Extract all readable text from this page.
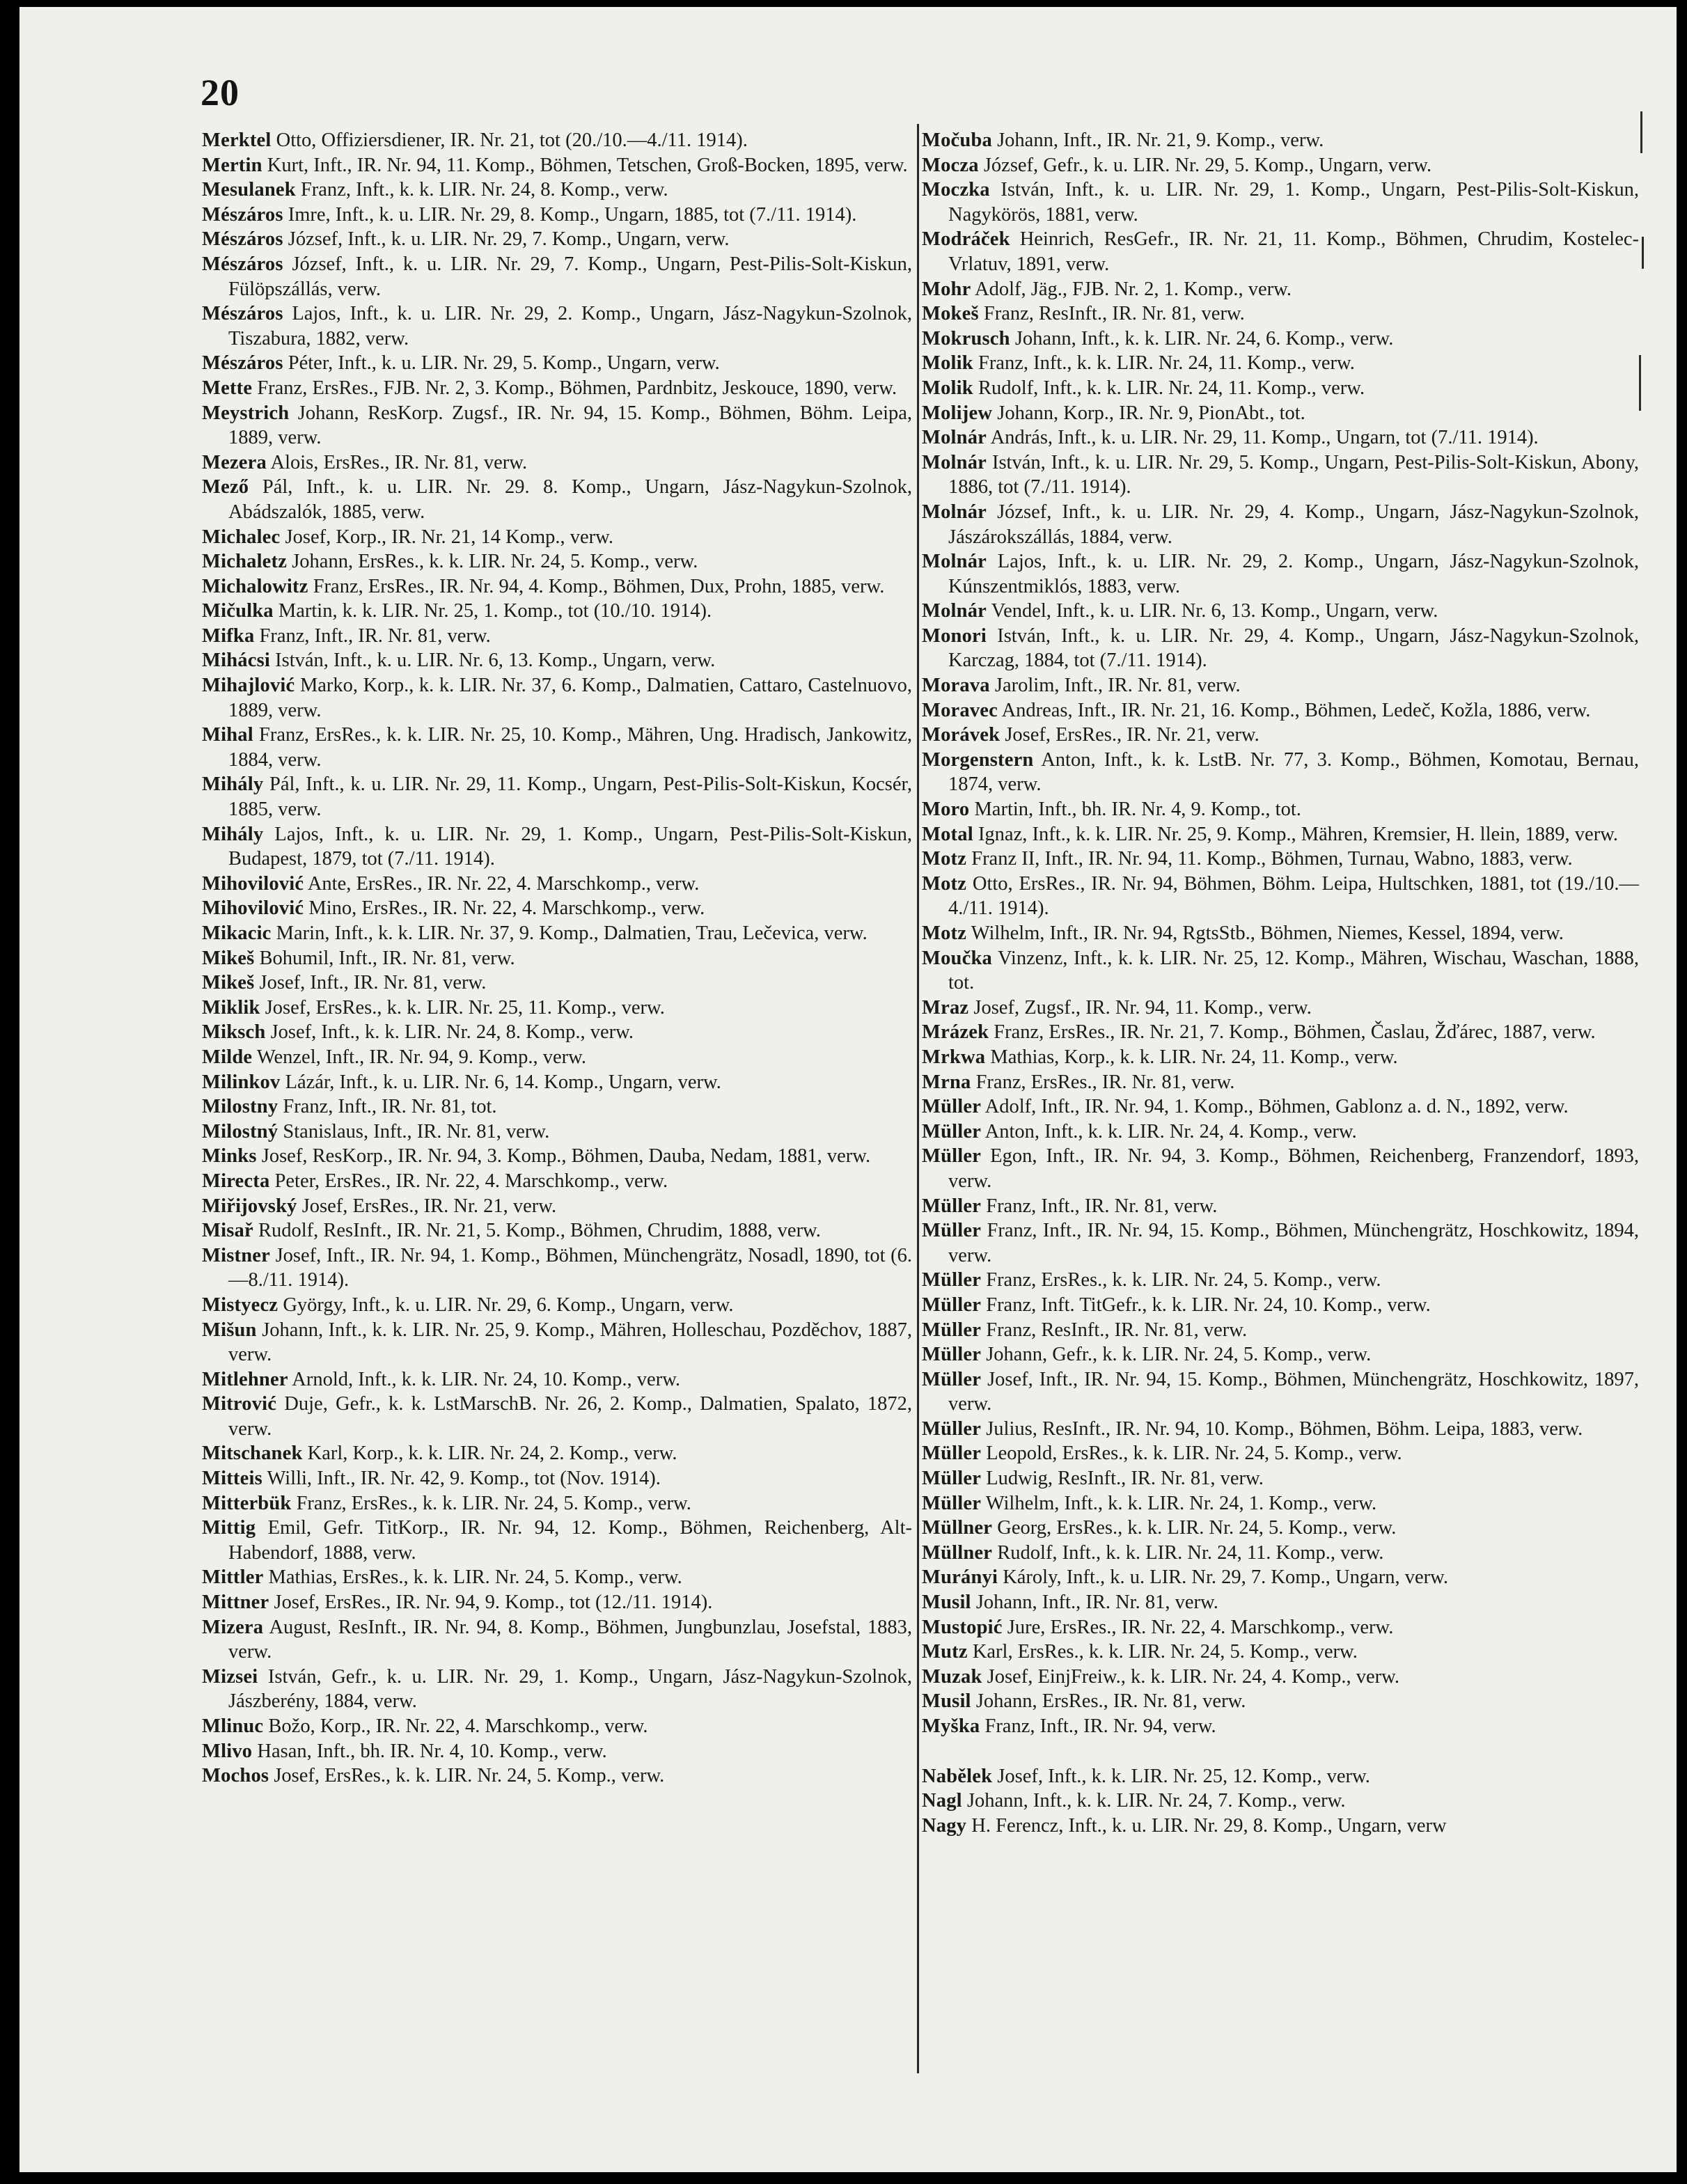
20
Merktel Otto, Offiziersdiener, IR. Nr. 21, tot (20./10.—4./11. 1914).
Mertin Kurt, Inft., IR. Nr. 94, 11. Komp., Böhmen, Tetschen, Groß-Bocken, 1895, verw.
Mesulanek Franz, Inft., k. k. LIR. Nr. 24, 8. Komp., verw.
Mészáros Imre, Inft., k. u. LIR. Nr. 29, 8. Komp., Ungarn, 1885, tot (7./11. 1914).
Mészáros József, Inft., k. u. LIR. Nr. 29, 7. Komp., Ungarn, verw.
Mészáros József, Inft., k. u. LIR. Nr. 29, 7. Komp., Ungarn, Pest-Pilis-Solt-Kiskun, Fülöpszállás, verw.
Mészáros Lajos, Inft., k. u. LIR. Nr. 29, 2. Komp., Ungarn, Jász-Nagykun-Szolnok, Tiszabura, 1882, verw.
Mészáros Péter, Inft., k. u. LIR. Nr. 29, 5. Komp., Ungarn, verw.
Mette Franz, ErsRes., FJB. Nr. 2, 3. Komp., Böhmen, Pardnbitz, Jeskouce, 1890, verw.
Meystrich Johann, ResKorp. Zugsf., IR. Nr. 94, 15. Komp., Böhmen, Böhm. Leipa, 1889, verw.
Mezera Alois, ErsRes., IR. Nr. 81, verw.
Mező Pál, Inft., k. u. LIR. Nr. 29. 8. Komp., Ungarn, Jász-Nagykun-Szolnok, Abádszalók, 1885, verw.
Michalec Josef, Korp., IR. Nr. 21, 14 Komp., verw.
Michaletz Johann, ErsRes., k. k. LIR. Nr. 24, 5. Komp., verw.
Michalowitz Franz, ErsRes., IR. Nr. 94, 4. Komp., Böhmen, Dux, Prohn, 1885, verw.
Mičulka Martin, k. k. LIR. Nr. 25, 1. Komp., tot (10./10. 1914).
Mifka Franz, Inft., IR. Nr. 81, verw.
Mihácsi István, Inft., k. u. LIR. Nr. 6, 13. Komp., Ungarn, verw.
Mihajlović Marko, Korp., k. k. LIR. Nr. 37, 6. Komp., Dalmatien, Cattaro, Castelnuovo, 1889, verw.
Mihal Franz, ErsRes., k. k. LIR. Nr. 25, 10. Komp., Mähren, Ung. Hradisch, Jankowitz, 1884, verw.
Mihály Pál, Inft., k. u. LIR. Nr. 29, 11. Komp., Ungarn, Pest-Pilis-Solt-Kiskun, Kocsér, 1885, verw.
Mihály Lajos, Inft., k. u. LIR. Nr. 29, 1. Komp., Ungarn, Pest-Pilis-Solt-Kiskun, Budapest, 1879, tot (7./11. 1914).
Mihovilović Ante, ErsRes., IR. Nr. 22, 4. Marschkomp., verw.
Mihovilović Mino, ErsRes., IR. Nr. 22, 4. Marschkomp., verw.
Mikacic Marin, Inft., k. k. LIR. Nr. 37, 9. Komp., Dalmatien, Trau, Lečevica, verw.
Mikeš Bohumil, Inft., IR. Nr. 81, verw.
Mikeš Josef, Inft., IR. Nr. 81, verw.
Miklik Josef, ErsRes., k. k. LIR. Nr. 25, 11. Komp., verw.
Miksch Josef, Inft., k. k. LIR. Nr. 24, 8. Komp., verw.
Milde Wenzel, Inft., IR. Nr. 94, 9. Komp., verw.
Milinkov Lázár, Inft., k. u. LIR. Nr. 6, 14. Komp., Ungarn, verw.
Milostny Franz, Inft., IR. Nr. 81, tot.
Milostný Stanislaus, Inft., IR. Nr. 81, verw.
Minks Josef, ResKorp., IR. Nr. 94, 3. Komp., Böhmen, Dauba, Nedam, 1881, verw.
Mirecta Peter, ErsRes., IR. Nr. 22, 4. Marschkomp., verw.
Miřijovský Josef, ErsRes., IR. Nr. 21, verw.
Misař Rudolf, ResInft., IR. Nr. 21, 5. Komp., Böhmen, Chrudim, 1888, verw.
Mistner Josef, Inft., IR. Nr. 94, 1. Komp., Böhmen, Münchengrätz, Nosadl, 1890, tot (6.—8./11. 1914).
Mistyecz György, Inft., k. u. LIR. Nr. 29, 6. Komp., Ungarn, verw.
Mišun Johann, Inft., k. k. LIR. Nr. 25, 9. Komp., Mähren, Holleschau, Pozděchov, 1887, verw.
Mitlehner Arnold, Inft., k. k. LIR. Nr. 24, 10. Komp., verw.
Mitrović Duje, Gefr., k. k. LstMarschB. Nr. 26, 2. Komp., Dalmatien, Spalato, 1872, verw.
Mitschanek Karl, Korp., k. k. LIR. Nr. 24, 2. Komp., verw.
Mitteis Willi, Inft., IR. Nr. 42, 9. Komp., tot (Nov. 1914).
Mitterbük Franz, ErsRes., k. k. LIR. Nr. 24, 5. Komp., verw.
Mittig Emil, Gefr. TitKorp., IR. Nr. 94, 12. Komp., Böhmen, Reichenberg, Alt-Habendorf, 1888, verw.
Mittler Mathias, ErsRes., k. k. LIR. Nr. 24, 5. Komp., verw.
Mittner Josef, ErsRes., IR. Nr. 94, 9. Komp., tot (12./11. 1914).
Mizera August, ResInft., IR. Nr. 94, 8. Komp., Böhmen, Jungbunzlau, Josefstal, 1883, verw.
Mizsei István, Gefr., k. u. LIR. Nr. 29, 1. Komp., Ungarn, Jász-Nagykun-Szolnok, Jászberény, 1884, verw.
Mlinuc Božo, Korp., IR. Nr. 22, 4. Marschkomp., verw.
Mlivo Hasan, Inft., bh. IR. Nr. 4, 10. Komp., verw.
Mochos Josef, ErsRes., k. k. LIR. Nr. 24, 5. Komp., verw.
Močuba Johann, Inft., IR. Nr. 21, 9. Komp., verw.
Mocza József, Gefr., k. u. LIR. Nr. 29, 5. Komp., Ungarn, verw.
Moczka István, Inft., k. u. LIR. Nr. 29, 1. Komp., Ungarn, Pest-Pilis-Solt-Kiskun, Nagykörös, 1881, verw.
Modráček Heinrich, ResGefr., IR. Nr. 21, 11. Komp., Böhmen, Chrudim, Kostelec-Vrlatuv, 1891, verw.
Mohr Adolf, Jäg., FJB. Nr. 2, 1. Komp., verw.
Mokeš Franz, ResInft., IR. Nr. 81, verw.
Mokrusch Johann, Inft., k. k. LIR. Nr. 24, 6. Komp., verw.
Molik Franz, Inft., k. k. LIR. Nr. 24, 11. Komp., verw.
Molik Rudolf, Inft., k. k. LIR. Nr. 24, 11. Komp., verw.
Molijew Johann, Korp., IR. Nr. 9, PionAbt., tot.
Molnár András, Inft., k. u. LIR. Nr. 29, 11. Komp., Ungarn, tot (7./11. 1914).
Molnár István, Inft., k. u. LIR. Nr. 29, 5. Komp., Ungarn, Pest-Pilis-Solt-Kiskun, Abony, 1886, tot (7./11. 1914).
Molnár József, Inft., k. u. LIR. Nr. 29, 4. Komp., Ungarn, Jász-Nagykun-Szolnok, Jászárokszállás, 1884, verw.
Molnár Lajos, Inft., k. u. LIR. Nr. 29, 2. Komp., Ungarn, Jász-Nagykun-Szolnok, Kúnszentmiklós, 1883, verw.
Molnár Vendel, Inft., k. u. LIR. Nr. 6, 13. Komp., Ungarn, verw.
Monori István, Inft., k. u. LIR. Nr. 29, 4. Komp., Ungarn, Jász-Nagykun-Szolnok, Karczag, 1884, tot (7./11. 1914).
Morava Jarolim, Inft., IR. Nr. 81, verw.
Moravec Andreas, Inft., IR. Nr. 21, 16. Komp., Böhmen, Ledeč, Kožla, 1886, verw.
Morávek Josef, ErsRes., IR. Nr. 21, verw.
Morgenstern Anton, Inft., k. k. LstB. Nr. 77, 3. Komp., Böhmen, Komotau, Bernau, 1874, verw.
Moro Martin, Inft., bh. IR. Nr. 4, 9. Komp., tot.
Motal Ignaz, Inft., k. k. LIR. Nr. 25, 9. Komp., Mähren, Kremsier, H. llein, 1889, verw.
Motz Franz II, Inft., IR. Nr. 94, 11. Komp., Böhmen, Turnau, Wabno, 1883, verw.
Motz Otto, ErsRes., IR. Nr. 94, Böhmen, Böhm. Leipa, Hultschken, 1881, tot (19./10.—4./11. 1914).
Motz Wilhelm, Inft., IR. Nr. 94, RgtsStb., Böhmen, Niemes, Kessel, 1894, verw.
Moučka Vinzenz, Inft., k. k. LIR. Nr. 25, 12. Komp., Mähren, Wischau, Waschan, 1888, tot.
Mraz Josef, Zugsf., IR. Nr. 94, 11. Komp., verw.
Mrázek Franz, ErsRes., IR. Nr. 21, 7. Komp., Böhmen, Časlau, Žďárec, 1887, verw.
Mrkwa Mathias, Korp., k. k. LIR. Nr. 24, 11. Komp., verw.
Mrna Franz, ErsRes., IR. Nr. 81, verw.
Müller Adolf, Inft., IR. Nr. 94, 1. Komp., Böhmen, Gablonz a. d. N., 1892, verw.
Müller Anton, Inft., k. k. LIR. Nr. 24, 4. Komp., verw.
Müller Egon, Inft., IR. Nr. 94, 3. Komp., Böhmen, Reichenberg, Franzendorf, 1893, verw.
Müller Franz, Inft., IR. Nr. 81, verw.
Müller Franz, Inft., IR. Nr. 94, 15. Komp., Böhmen, Münchengrätz, Hoschkowitz, 1894, verw.
Müller Franz, ErsRes., k. k. LIR. Nr. 24, 5. Komp., verw.
Müller Franz, Inft. TitGefr., k. k. LIR. Nr. 24, 10. Komp., verw.
Müller Franz, ResInft., IR. Nr. 81, verw.
Müller Johann, Gefr., k. k. LIR. Nr. 24, 5. Komp., verw.
Müller Josef, Inft., IR. Nr. 94, 15. Komp., Böhmen, Münchengrätz, Hoschkowitz, 1897, verw.
Müller Julius, ResInft., IR. Nr. 94, 10. Komp., Böhmen, Böhm. Leipa, 1883, verw.
Müller Leopold, ErsRes., k. k. LIR. Nr. 24, 5. Komp., verw.
Müller Ludwig, ResInft., IR. Nr. 81, verw.
Müller Wilhelm, Inft., k. k. LIR. Nr. 24, 1. Komp., verw.
Müllner Georg, ErsRes., k. k. LIR. Nr. 24, 5. Komp., verw.
Müllner Rudolf, Inft., k. k. LIR. Nr. 24, 11. Komp., verw.
Murányi Károly, Inft., k. u. LIR. Nr. 29, 7. Komp., Ungarn, verw.
Musil Johann, Inft., IR. Nr. 81, verw.
Mustopić Jure, ErsRes., IR. Nr. 22, 4. Marschkomp., verw.
Mutz Karl, ErsRes., k. k. LIR. Nr. 24, 5. Komp., verw.
Muzak Josef, EinjFreiw., k. k. LIR. Nr. 24, 4. Komp., verw.
Musil Johann, ErsRes., IR. Nr. 81, verw.
Myška Franz, Inft., IR. Nr. 94, verw.
Nabělek Josef, Inft., k. k. LIR. Nr. 25, 12. Komp., verw.
Nagl Johann, Inft., k. k. LIR. Nr. 24, 7. Komp., verw.
Nagy H. Ferencz, Inft., k. u. LIR. Nr. 29, 8. Komp., Ungarn, verw
